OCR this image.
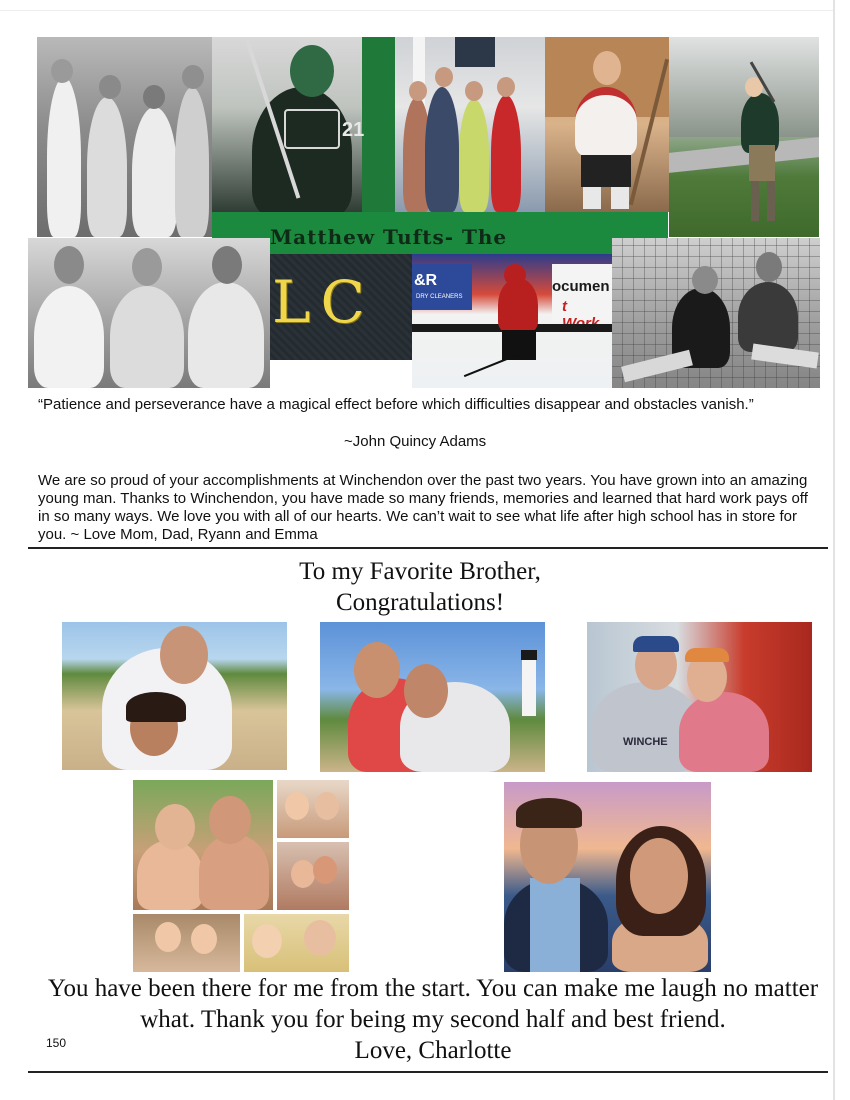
21
Matthew Tufts- The
LC	&R
DRY CLEANERS
ocumen
t
“Patience and perseverance have a magical effect before which difficulties disappear and obstacles vanish.”
~John Quincy Adams
We are so proud of your accomplishments at Winchendon over the past two years. You have grown into an amazing young man. Thanks to Winchendon, you have made so many friends, memories and learned that hard work pays off in so many ways. We love you with all of our hearts. We can’t wait to see what life after high school has in store for you. ~ Love Mom, Dad, Ryann and Emma
To my Favorite Brother,
Congratulations!
WINCHE
You have been there for me from the start. You can make me laugh no matter what. Thank you for being my second half and best friend.
Love, Charlotte
150
